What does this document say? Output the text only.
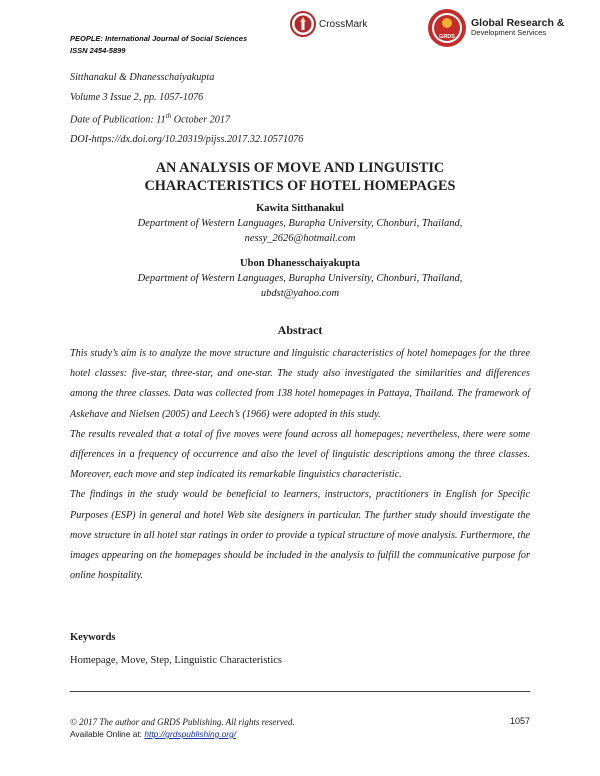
PEOPLE: International Journal of Social Sciences
ISSN 2454-5899
CrossMark
GRDS
Global Research &
Development Services
Sitthanakul & Dhanesschaiyakupta
Volume 3 Issue 2, pp. 1057-1076
Date of Publication: 11th October 2017
DOI-https://dx.doi.org/10.20319/pijss.2017.32.10571076
AN ANALYSIS OF MOVE AND LINGUISTIC
CHARACTERISTICS OF HOTEL HOMEPAGES
Kawita Sitthanakul
Department of Western Languages, Burapha University, Chonburi, Thailand,
nessy_2626@hotmail.com
Ubon Dhanesschaiyakupta
Department of Western Languages, Burapha University, Chonburi, Thailand,
ubdst@yahoo.com
Abstract

This study’s aim is to analyze the move structure and linguistic characteristics of hotel homepages for the three hotel classes: five-star, three-star, and one-star. The study also investigated the similarities and differences among the three classes. Data was collected from 138 hotel homepages in Pattaya, Thailand. The framework of Askehave and Nielsen (2005) and Leech’s (1966) were adopted in this study.

The results revealed that a total of five moves were found across all homepages; nevertheless, there were some differences in a frequency of occurrence and also the level of linguistic descriptions among the three classes. Moreover, each move and step indicated its remarkable linguistics characteristic.

The findings in the study would be beneficial to learners, instructors, practitioners in English for Specific Purposes (ESP) in general and hotel Web site designers in particular. The further study should investigate the move structure in all hotel star ratings in order to provide a typical structure of move analysis. Furthermore, the images appearing on the homepages should be included in the analysis to fulfill the communicative purpose for online hospitality.

Keywords
Homepage, Move, Step, Linguistic Characteristics
© 2017 The author and GRDS Publishing. All rights reserved.
Available Online at: http://grdspublishing.org/
1057
